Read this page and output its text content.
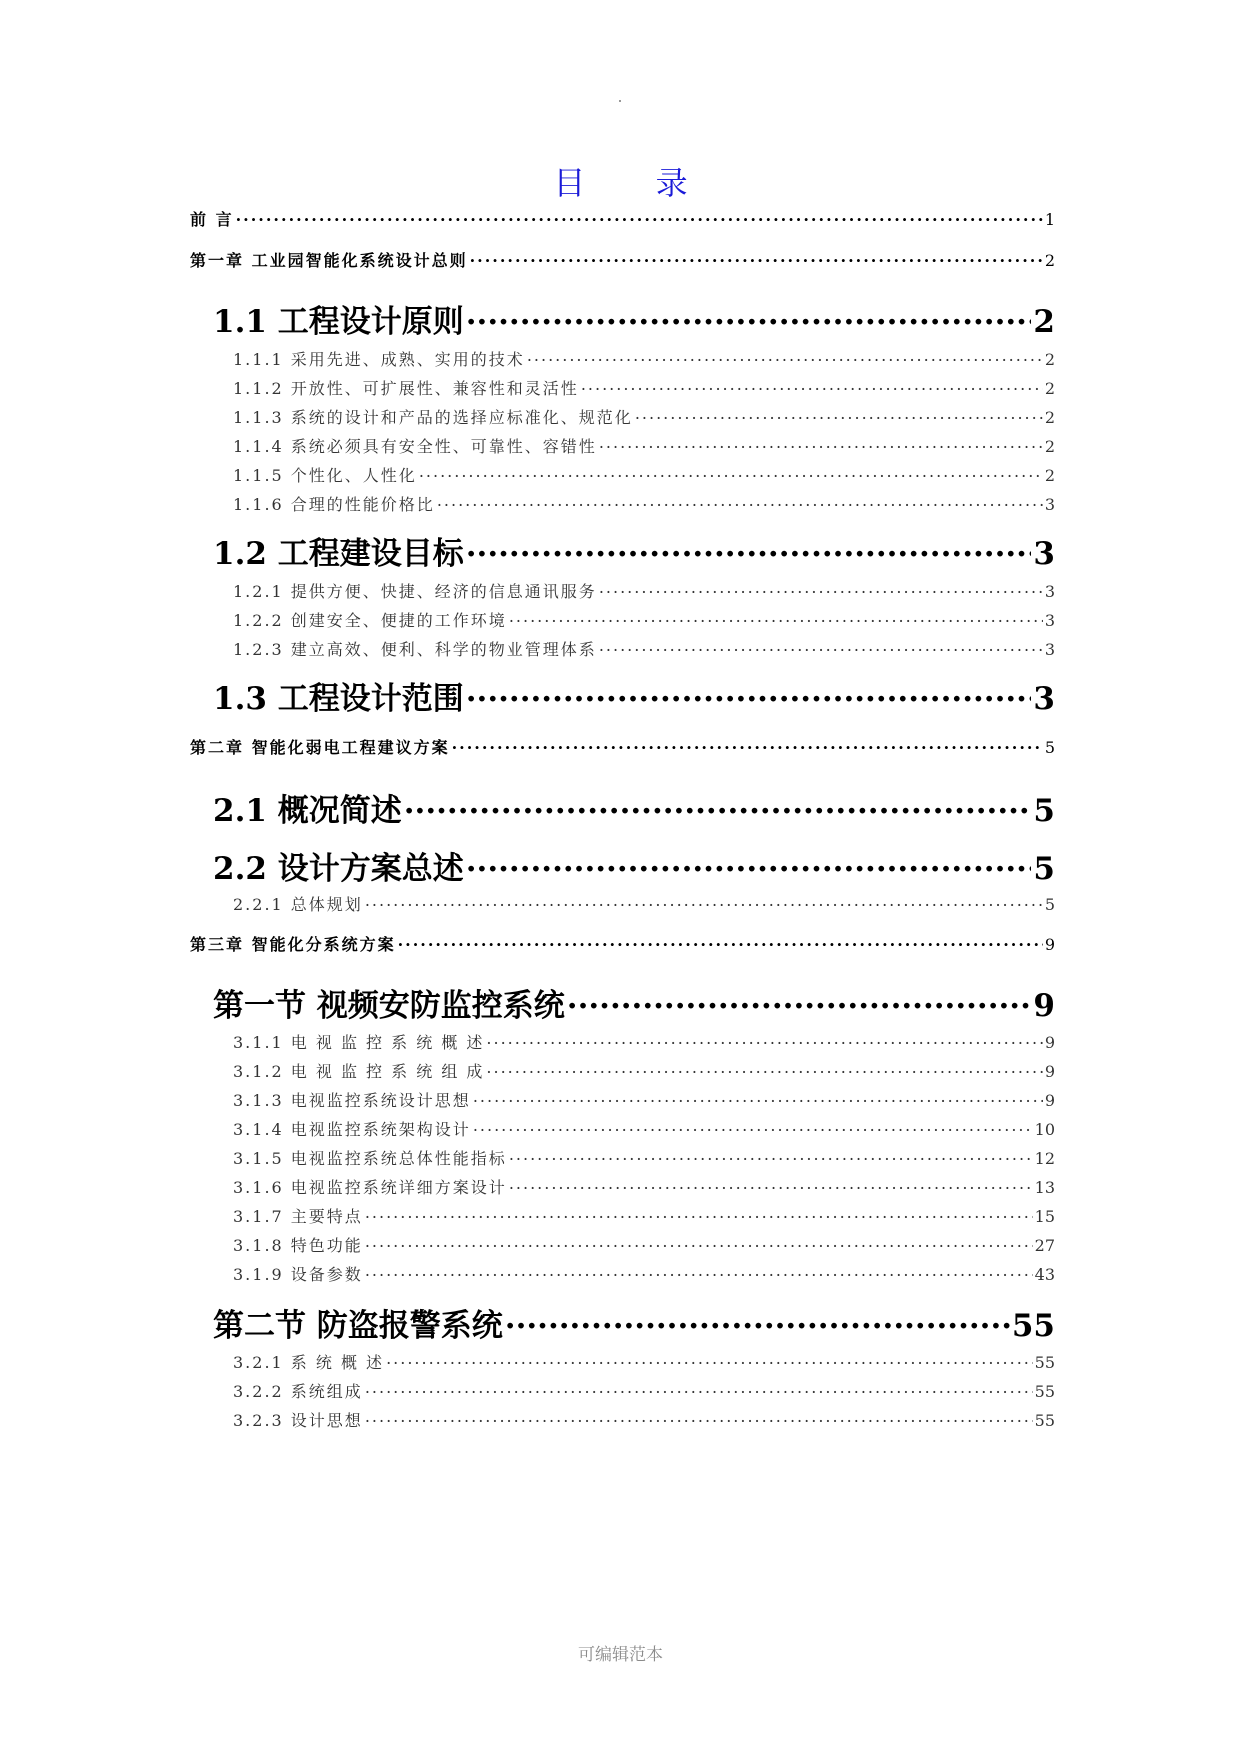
目 录
前 言 .....	1
第一章 工业园智能化系统设计总则 .....	2
1.1 工程设计原则 .....	2
1.1.1 采用先进、成熟、实用的技术 .....	2
1.1.2 开放性、可扩展性、兼容性和灵活性 .....	2
1.1.3 系统的设计和产品的选择应标准化、规范化 .....	2
1.1.4 系统必须具有安全性、可靠性、容错性 .....	2
1.1.5 个性化、人性化 .....	2
1.1.6 合理的性能价格比 .....	3
1.2 工程建设目标 .....	3
1.2.1 提供方便、快捷、经济的信息通讯服务 .....	3
1.2.2 创建安全、便捷的工作环境 .....	3
1.2.3 建立高效、便利、科学的物业管理体系 .....	3
1.3 工程设计范围 .....	3
第二章 智能化弱电工程建议方案 .....	5
2.1 概况简述 .....	5
2.2 设计方案总述 .....	5
2.2.1 总体规划 .....	5
第三章 智能化分系统方案 .....	9
第一节 视频安防监控系统 .....	9
3.1.1 电 视 监 控 系 统 概 述 .....	9
3.1.2 电 视 监 控 系 统 组 成 .....	9
3.1.3 电视监控系统设计思想 .....	9
3.1.4 电视监控系统架构设计 .....	10
3.1.5 电视监控系统总体性能指标 .....	12
3.1.6 电视监控系统详细方案设计 .....	13
3.1.7 主要特点 .....	15
3.1.8 特色功能 .....	27
3.1.9 设备参数 .....	43
第二节 防盗报警系统 .....	55
3.2.1 系 统 概 述 .....	55
3.2.2 系统组成 .....	55
3.2.3 设计思想 .....	55
可编辑范本
